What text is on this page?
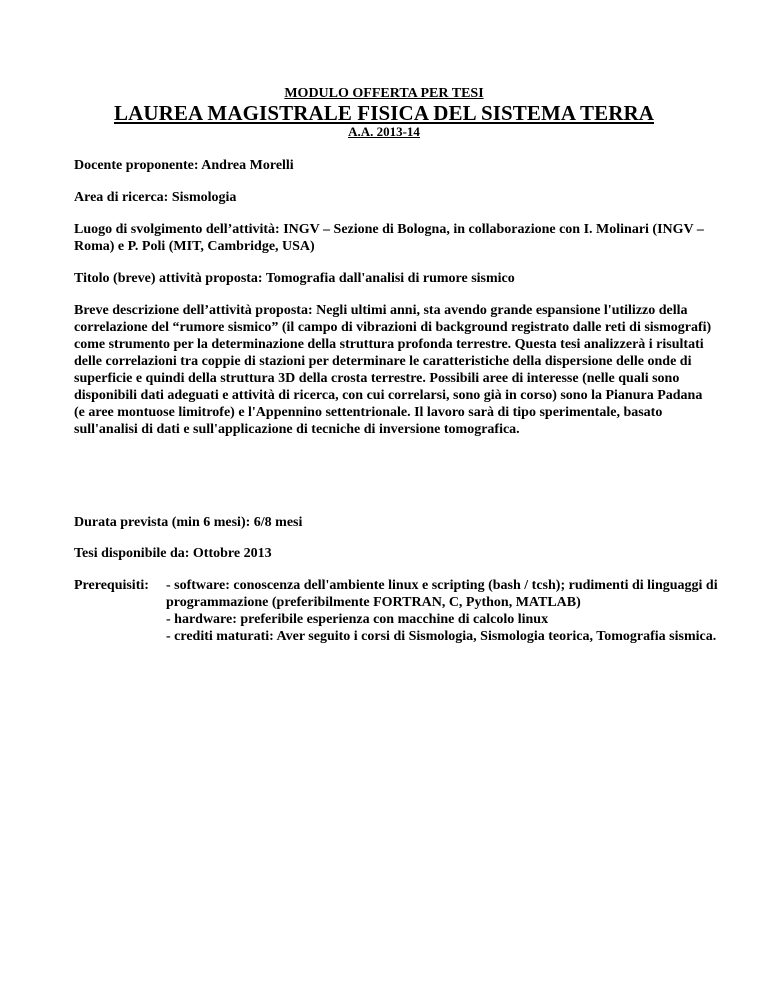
MODULO OFFERTA PER TESI
LAUREA MAGISTRALE FISICA DEL SISTEMA TERRA
A.A. 2013-14

Docente proponente: Andrea Morelli

Area di ricerca: Sismologia

Luogo di svolgimento dell’attività: INGV – Sezione di Bologna, in collaborazione con I. Molinari (INGV – Roma) e P. Poli (MIT, Cambridge, USA)

Titolo (breve) attività proposta: Tomografia dall'analisi di rumore sismico

Breve descrizione dell’attività proposta: Negli ultimi anni, sta avendo grande espansione l'utilizzo della correlazione del “rumore sismico” (il campo di vibrazioni di background registrato dalle reti di sismografi) come strumento per la determinazione della struttura profonda terrestre. Questa tesi analizzerà i risultati delle correlazioni tra coppie di stazioni per determinare le caratteristiche della dispersione delle onde di superficie e quindi della struttura 3D della crosta terrestre. Possibili aree di interesse (nelle quali sono disponibili dati adeguati e attività di ricerca, con cui correlarsi, sono già in corso) sono la Pianura Padana (e aree montuose limitrofe) e l'Appennino settentrionale. Il lavoro sarà di tipo sperimentale, basato sull'analisi di dati e sull'applicazione di tecniche di inversione tomografica.

Durata prevista (min 6 mesi): 6/8 mesi

Tesi disponibile da: Ottobre 2013

Prerequisiti: - software: conoscenza dell'ambiente linux e scripting (bash / tcsh); rudimenti di linguaggi di programmazione (preferibilmente FORTRAN, C, Python, MATLAB)
- hardware: preferibile esperienza con macchine di calcolo linux
- crediti maturati: Aver seguito i corsi di Sismologia, Sismologia teorica, Tomografia sismica.
